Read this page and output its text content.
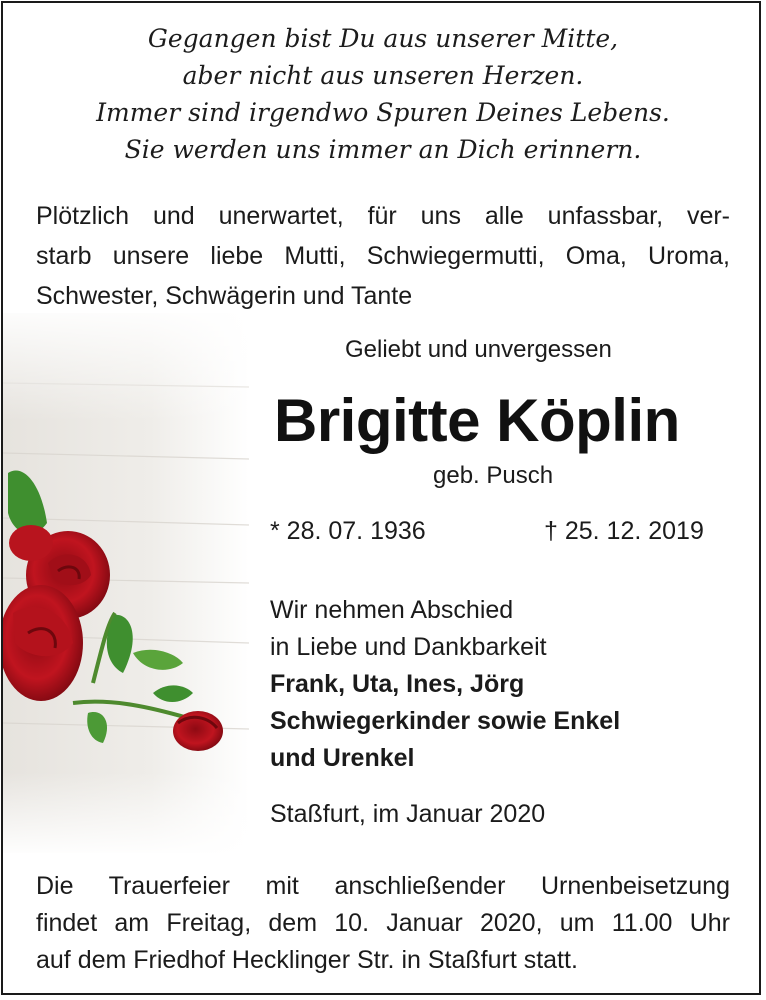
Gegangen bist Du aus unserer Mitte,
aber nicht aus unseren Herzen.
Immer sind irgendwo Spuren Deines Lebens.
Sie werden uns immer an Dich erinnern.
Plötzlich und unerwartet, für uns alle unfassbar, ver-
starb unsere liebe Mutti, Schwiegermutti, Oma, Uroma,
Schwester, Schwägerin und Tante
Geliebt und unvergessen
Brigitte Köplin
geb. Pusch
* 28. 07. 1936	† 25. 12. 2019
Wir nehmen Abschied
in Liebe und Dankbarkeit
Frank, Uta, Ines, Jörg
Schwiegerkinder sowie Enkel
und Urenkel
Staßfurt, im Januar 2020
Die Trauerfeier mit anschließender Urnenbeisetzung
findet am Freitag, dem 10. Januar 2020, um 11.00 Uhr
auf dem Friedhof Hecklinger Str. in Staßfurt statt.
